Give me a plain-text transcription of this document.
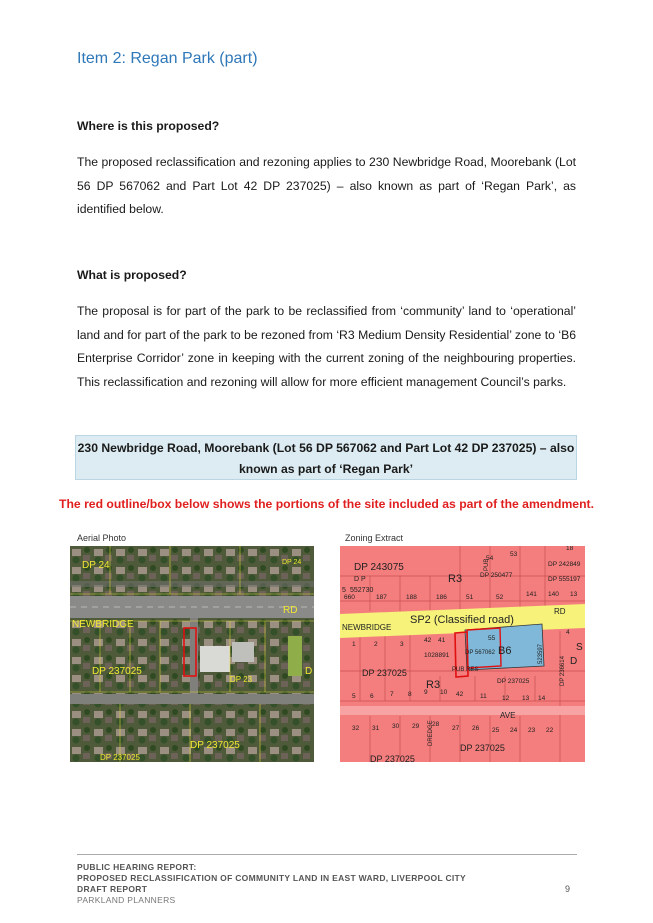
Item 2: Regan Park (part)
Where is this proposed?
The proposed reclassification and rezoning applies to 230 Newbridge Road, Moorebank (Lot 56 DP 567062 and Part Lot 42 DP 237025) – also known as part of ‘Regan Park’, as identified below.
What is proposed?
The proposal is for part of the park to be reclassified from ‘community’ land to ‘operational’ land and for part of the park to be rezoned from ‘R3 Medium Density Residential’ zone to ‘B6 Enterprise Corridor’ zone in keeping with the current zoning of the neighbouring properties. This reclassification and rezoning will allow for more efficient management Council’s parks.
230 Newbridge Road, Moorebank (Lot 56 DP 567062 and Part Lot 42 DP 237025) – also
known as part of ‘Regan Park’
The red outline/box below shows the portions of the site included as part of the amendment.
Aerial Photo	Zoning Extract
DP 24	DP 24
RD
NEWBRIDGE
DP 237025
DP 23
DP 237025
DP 237025
D
DP 243075
D P
5 552730
R3	DP 250477
DP 242849
DP 555197
NEWBRIDGE
SP2 (Classified road)
RD
B6
DP 567062
1028891
PUB RES
DP 237025
DP 237025
DP 237025
DP 237025
R3
AVE
D
S
PUB
523597
DP 236614
DREDGE
660	187	188	186	51	52	141 140 13
54
53
18
1	2	3
42 41	55
4
5 6	7 8 9 10 42	11 12 13 14
32 31 30 29 28
27 26 25 24 23 22
PUBLIC HEARING REPORT:
PROPOSED RECLASSIFICATION OF COMMUNITY LAND IN EAST WARD, LIVERPOOL CITY
DRAFT REPORT
PARKLAND PLANNERS
9
